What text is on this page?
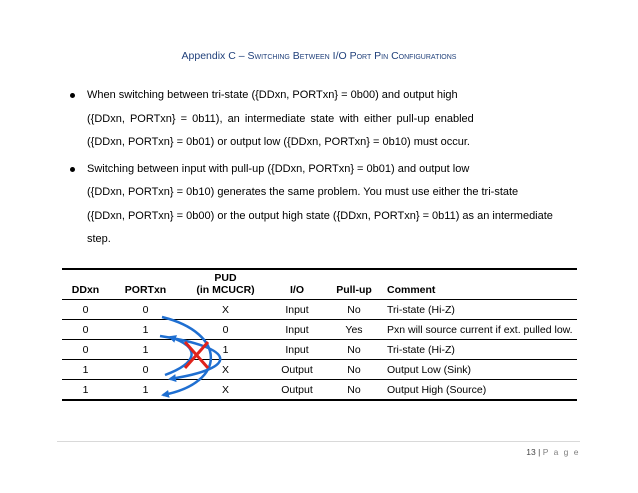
Appendix C – Switching Between I/O Port Pin Configurations
When switching between tri-state ({DDxn, PORTxn} = 0b00) and output high
({DDxn, PORTxn} = 0b11), an intermediate state with either pull-up enabled
({DDxn, PORTxn} = 0b01) or output low ({DDxn, PORTxn} = 0b10) must occur.
Switching between input with pull-up ({DDxn, PORTxn} = 0b01) and output low
({DDxn, PORTxn} = 0b10) generates the same problem. You must use either the tri-state
({DDxn, PORTxn} = 0b00) or the output high state ({DDxn, PORTxn} = 0b11) as an intermediate
step.
DDxn	PORTxn	PUD
(in MCUCR)	I/O	Pull-up	Comment
0	0	X	Input	No	Tri-state (Hi-Z)
0	1	0	Input	Yes	Pxn will source current if ext. pulled low.
0	1	1	Input	No	Tri-state (Hi-Z)
1	0	X	Output	No	Output Low (Sink)
1	1	X	Output	No	Output High (Source)
13 | P a g e
